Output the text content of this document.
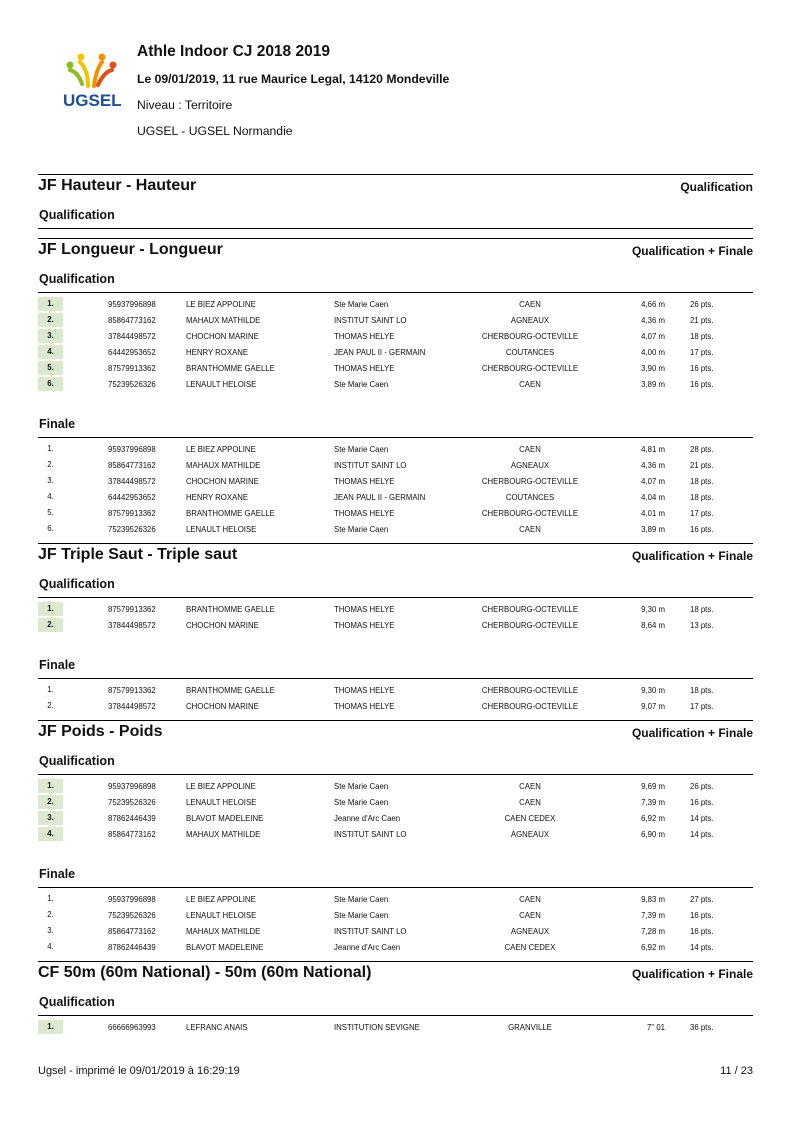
UGSEL
Athle Indoor CJ 2018 2019
Le 09/01/2019, 11 rue Maurice Legal, 14120 Mondeville
Niveau : Territoire
UGSEL - UGSEL Normandie
JF Hauteur - Hauteur	Qualification
Qualification
JF Longueur - Longueur	Qualification + Finale
Qualification
1.	95937996898	LE BIEZ APPOLINE	Ste Marie Caen	CAEN	4,66 m	26 pts.
2.	85864773162	MAHAUX MATHILDE	INSTITUT SAINT LO	AGNEAUX	4,36 m	21 pts.
3.	37844498572	CHOCHON MARINE	THOMAS HELYE	CHERBOURG-OCTEVILLE	4,07 m	18 pts.
4.	64442953652	HENRY ROXANE	JEAN PAUL II - GERMAIN	COUTANCES	4,00 m	17 pts.
5.	87579913362	BRANTHOMME GAELLE	THOMAS HELYE	CHERBOURG-OCTEVILLE	3,90 m	16 pts.
6.	75239526326	LENAULT HELOISE	Ste Marie Caen	CAEN	3,89 m	16 pts.
Finale
1.	95937996898	LE BIEZ APPOLINE	Ste Marie Caen	CAEN	4,81 m	28 pts.
2.	85864773162	MAHAUX MATHILDE	INSTITUT SAINT LO	AGNEAUX	4,36 m	21 pts.
3.	37844498572	CHOCHON MARINE	THOMAS HELYE	CHERBOURG-OCTEVILLE	4,07 m	18 pts.
4.	64442953652	HENRY ROXANE	JEAN PAUL II - GERMAIN	COUTANCES	4,04 m	18 pts.
5.	87579913362	BRANTHOMME GAELLE	THOMAS HELYE	CHERBOURG-OCTEVILLE	4,01 m	17 pts.
6.	75239526326	LENAULT HELOISE	Ste Marie Caen	CAEN	3,89 m	16 pts.
JF Triple Saut - Triple saut	Qualification + Finale
Qualification
1.	87579913362	BRANTHOMME GAELLE	THOMAS HELYE	CHERBOURG-OCTEVILLE	9,30 m	18 pts.
2.	37844498572	CHOCHON MARINE	THOMAS HELYE	CHERBOURG-OCTEVILLE	8,64 m	13 pts.
Finale
1.	87579913362	BRANTHOMME GAELLE	THOMAS HELYE	CHERBOURG-OCTEVILLE	9,30 m	18 pts.
2.	37844498572	CHOCHON MARINE	THOMAS HELYE	CHERBOURG-OCTEVILLE	9,07 m	17 pts.
JF Poids - Poids	Qualification + Finale
Qualification
1.	95937996898	LE BIEZ APPOLINE	Ste Marie Caen	CAEN	9,69 m	26 pts.
2.	75239526326	LENAULT HELOISE	Ste Marie Caen	CAEN	7,39 m	16 pts.
3.	87862446439	BLAVOT MADELEINE	Jeanne d'Arc Caen	CAEN CEDEX	6,92 m	14 pts.
4.	85864773162	MAHAUX MATHILDE	INSTITUT SAINT LO	AGNEAUX	6,90 m	14 pts.
Finale
1.	95937996898	LE BIEZ APPOLINE	Ste Marie Caen	CAEN	9,83 m	27 pts.
2.	75239526326	LENAULT HELOISE	Ste Marie Caen	CAEN	7,39 m	16 pts.
3.	85864773162	MAHAUX MATHILDE	INSTITUT SAINT LO	AGNEAUX	7,28 m	16 pts.
4.	87862446439	BLAVOT MADELEINE	Jeanne d'Arc Caen	CAEN CEDEX	6,92 m	14 pts.
CF 50m (60m National) - 50m (60m National)	Qualification + Finale
Qualification
1.	66666963993	LEFRANC ANAIS	INSTITUTION SEVIGNE	GRANVILLE	7" 01	36 pts.
Ugsel - imprimé le 09/01/2019 à 16:29:19	11 / 23
